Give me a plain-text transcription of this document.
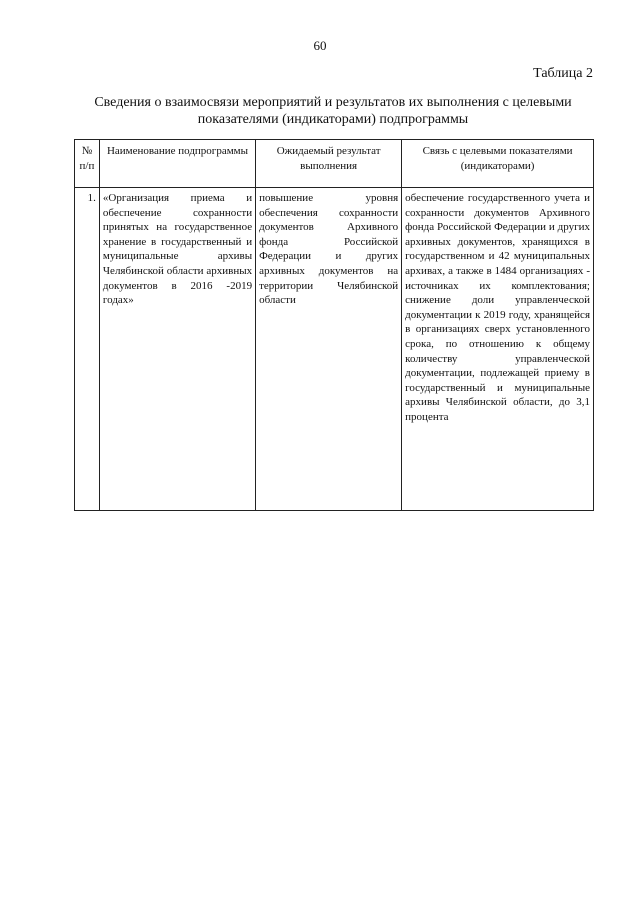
60
Таблица 2
Сведения о взаимосвязи мероприятий и результатов их выполнения с целевыми показателями (индикаторами) подпрограммы
№ п/п	Наименование подпрограммы	Ожидаемый результат выполнения	Связь с целевыми показателями (индикаторами)
1.	«Организация приема и обеспечение сохранности принятых на государственное хранение в государственный и муниципальные архивы Челябинской области архивных документов в 2016 -2019 годах»	повышение уровня обеспечения сохранности документов Архивного фонда Российской Федерации и других архивных документов на территории Челябинской области	обеспечение государственного учета и сохранности документов Архивного фонда Российской Федерации и других архивных документов, хранящихся в государственном и 42 муниципальных архивах, а также в 1484 организациях - источниках их комплектования; снижение доли управленческой документации к 2019 году, хранящейся в организациях сверх установленного срока, по отношению к общему количеству управленческой документации, подлежащей приему в государственный и муниципальные архивы Челябинской области, до 3,1 процента
